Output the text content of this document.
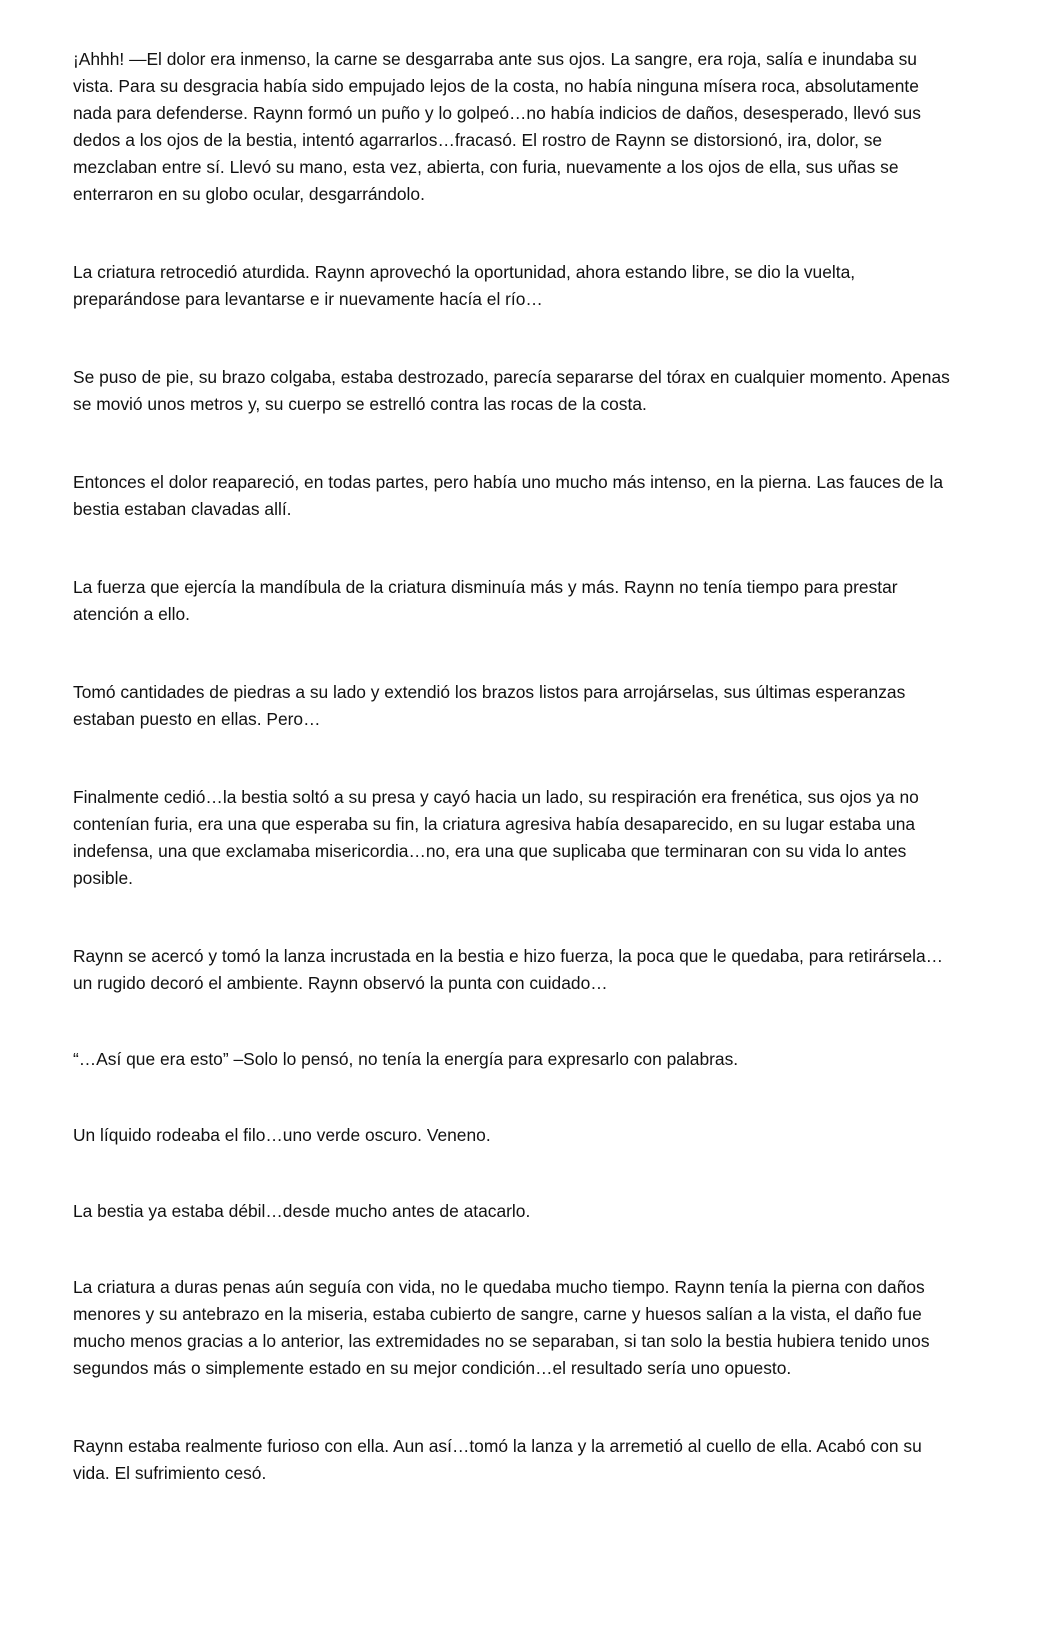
¡Ahhh! —El dolor era inmenso, la carne se desgarraba ante sus ojos. La sangre, era roja, salía e inundaba su vista. Para su desgracia había sido empujado lejos de la costa, no había ninguna mísera roca, absolutamente nada para defenderse. Raynn formó un puño y lo golpeó…no había indicios de daños, desesperado, llevó sus dedos a los ojos de la bestia, intentó agarrarlos…fracasó. El rostro de Raynn se distorsionó, ira, dolor, se mezclaban entre sí. Llevó su mano, esta vez, abierta, con furia, nuevamente a los ojos de ella, sus uñas se enterraron en su globo ocular, desgarrándolo.

La criatura retrocedió aturdida. Raynn aprovechó la oportunidad, ahora estando libre, se dio la vuelta, preparándose para levantarse e ir nuevamente hacía el río…

Se puso de pie, su brazo colgaba, estaba destrozado, parecía separarse del tórax en cualquier momento. Apenas se movió unos metros y, su cuerpo se estrelló contra las rocas de la costa.

Entonces el dolor reapareció, en todas partes, pero había uno mucho más intenso, en la pierna. Las fauces de la bestia estaban clavadas allí.

La fuerza que ejercía la mandíbula de la criatura disminuía más y más. Raynn no tenía tiempo para prestar atención a ello.

Tomó cantidades de piedras a su lado y extendió los brazos listos para arrojárselas, sus últimas esperanzas estaban puesto en ellas. Pero…

Finalmente cedió…la bestia soltó a su presa y cayó hacia un lado, su respiración era frenética, sus ojos ya no contenían furia, era una que esperaba su fin, la criatura agresiva había desaparecido, en su lugar estaba una indefensa, una que exclamaba misericordia…no, era una que suplicaba que terminaran con su vida lo antes posible.

Raynn se acercó y tomó la lanza incrustada en la bestia e hizo fuerza, la poca que le quedaba, para retirársela…un rugido decoró el ambiente. Raynn observó la punta con cuidado…

“…Así que era esto” –Solo lo pensó, no tenía la energía para expresarlo con palabras.

Un líquido rodeaba el filo…uno verde oscuro. Veneno.

La bestia ya estaba débil…desde mucho antes de atacarlo.

La criatura a duras penas aún seguía con vida, no le quedaba mucho tiempo. Raynn tenía la pierna con daños menores y su antebrazo en la miseria, estaba cubierto de sangre, carne y huesos salían a la vista, el daño fue mucho menos gracias a lo anterior, las extremidades no se separaban, si tan solo la bestia hubiera tenido unos segundos más o simplemente estado en su mejor condición…el resultado sería uno opuesto.

Raynn estaba realmente furioso con ella. Aun así…tomó la lanza y la arremetió al cuello de ella. Acabó con su vida. El sufrimiento cesó.
